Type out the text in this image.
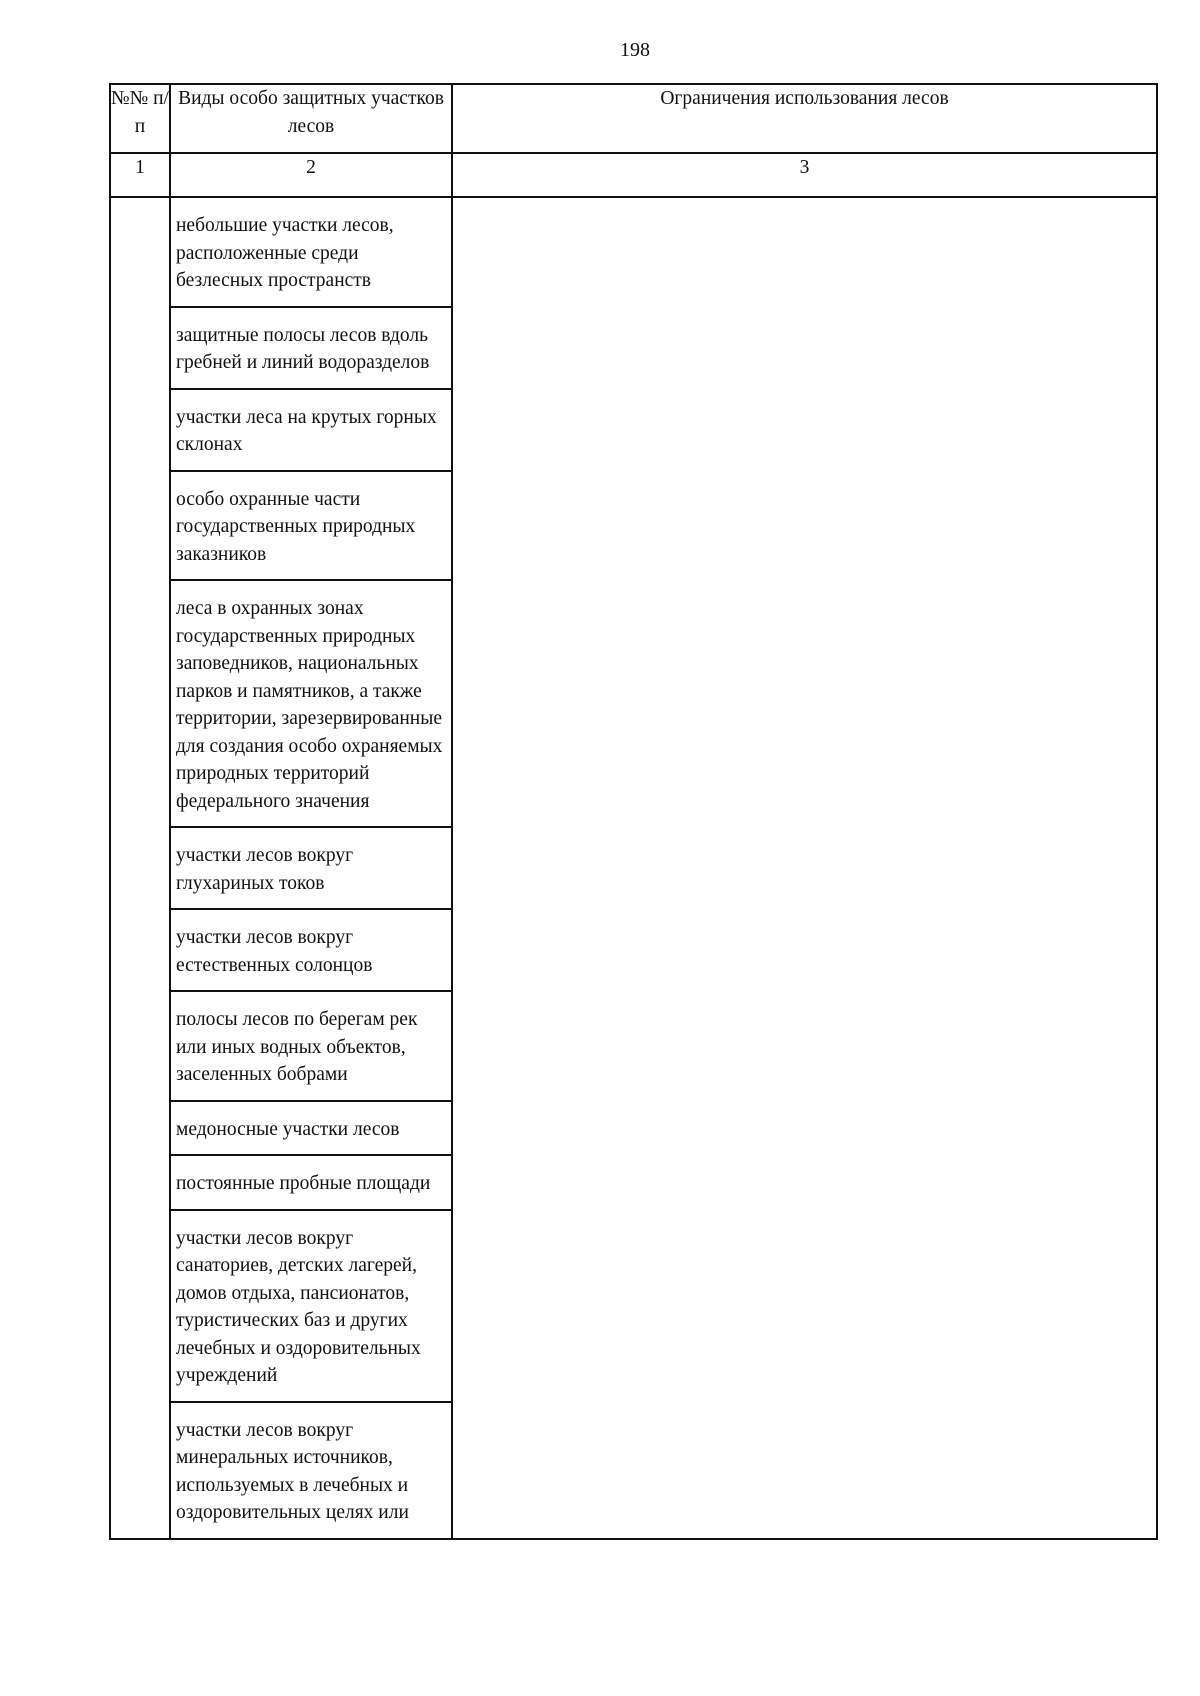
198
№№ п/п	Виды особо защитных участков лесов	Ограничения использования лесов
1	2	3

	небольшие участки лесов, расположенные среди безлесных пространств	

	защитные полосы лесов вдоль гребней и линий водоразделов	

	участки леса на крутых горных склонах	

	особо охранные части государственных природных заказников	

	леса в охранных зонах государственных природных заповедников, национальных парков и памятников, а также территории, зарезервированные для создания особо охраняемых природных территорий федерального значения	

	участки лесов вокруг глухариных токов	

	участки лесов вокруг естественных солонцов	

	полосы лесов по берегам рек или иных водных объектов, заселенных бобрами	

	медоносные участки лесов	

	постоянные пробные площади	

	участки лесов вокруг санаториев, детских лагерей, домов отдыха, пансионатов, туристических баз и других лечебных и оздоровительных учреждений	

	участки лесов вокруг минеральных источников, используемых в лечебных и оздоровительных целях или	
